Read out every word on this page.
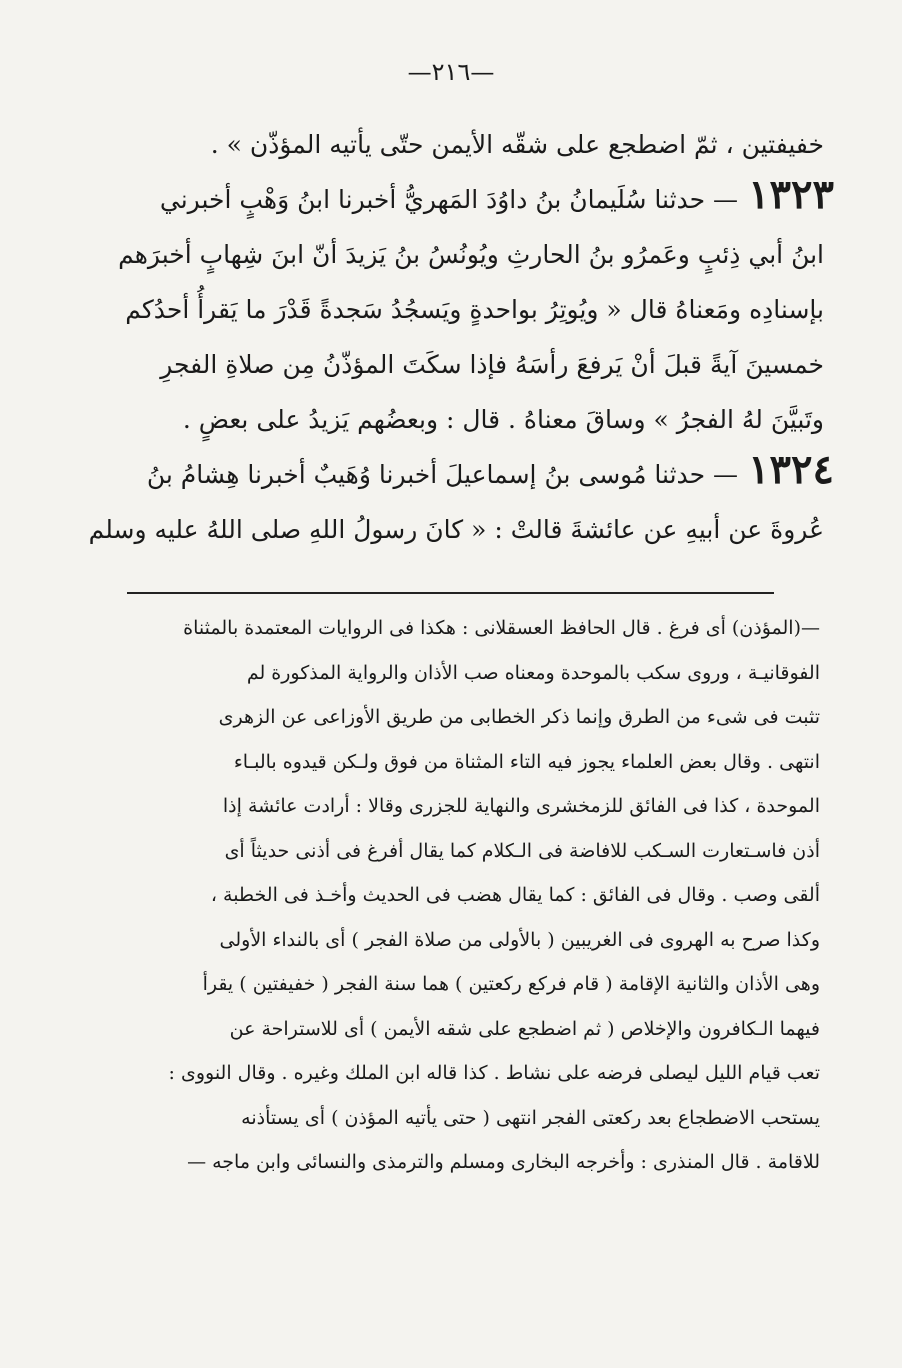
—٢١٦—
خفيفتين ، ثمّ اضطجع على شقّه الأيمن حتّى يأتيه المؤذّن » .
١٣٢٣— حدثنا سُلَيمانُ بنُ داوُدَ المَهريُّ أخبرنا ابنُ وَهْبٍ أخبرني
ابنُ أبي ذِئبٍ وعَمرُو بنُ الحارثِ ويُونُسُ بنُ يَزيدَ أنّ ابنَ شِهابٍ أخبرَهم
بإسنادِه ومَعناهُ قال « ويُوتِرُ بواحدةٍ ويَسجُدُ سَجدةً قَدْرَ ما يَقرأُ أحدُكم
خمسينَ آيةً قبلَ أنْ يَرفعَ رأسَهُ فإذا سكَتَ المؤذّنُ مِن صلاةِ الفجرِ
وتَبيَّنَ لهُ الفجرُ » وساقَ معناهُ . قال : وبعضُهم يَزيدُ على بعضٍ .
١٣٢٤— حدثنا مُوسى بنُ إسماعيلَ أخبرنا وُهَيبٌ أخبرنا هِشامُ بنُ
عُروةَ عن أبيهِ عن عائشةَ قالتْ : « كانَ رسولُ اللهِ صلى اللهُ عليه وسلم
—(المؤذن) أى فرغ . قال الحافظ العسقلانى : هكذا فى الروايات المعتمدة بالمثناة
الفوقانيـة ، وروى سكب بالموحدة ومعناه صب الأذان والرواية المذكورة لم
تثبت فى شىء من الطرق وإنما ذكر الخطابى من طريق الأوزاعى عن الزهرى
انتهى . وقال بعض العلماء يجوز فيه التاء المثناة من فوق ولـكن قيدوه بالبـاء
الموحدة ، كذا فى الفائق للزمخشرى والنهاية للجزرى وقالا : أرادت عائشة إذا
أذن فاسـتعارت السـكب للافاضة فى الـكلام كما يقال أفرغ فى أذنى حديثاً أى
ألقى وصب . وقال فى الفائق : كما يقال هضب فى الحديث وأخـذ فى الخطبة ،
وكذا صرح به الهروى فى الغريبين ( بالأولى من صلاة الفجر ) أى بالنداء الأولى
وهى الأذان والثانية الإقامة ( قام فركع ركعتين ) هما سنة الفجر ( خفيفتين ) يقرأ
فيهما الـكافرون والإخلاص ( ثم اضطجع على شقه الأيمن ) أى للاستراحة عن
تعب قيام الليل ليصلى فرضه على نشاط . كذا قاله ابن الملك وغيره . وقال النووى :
يستحب الاضطجاع بعد ركعتى الفجر انتهى ( حتى يأتيه المؤذن ) أى يستأذنه
للاقامة . قال المنذرى : وأخرجه البخارى ومسلم والترمذى والنسائى وابن ماجه —
